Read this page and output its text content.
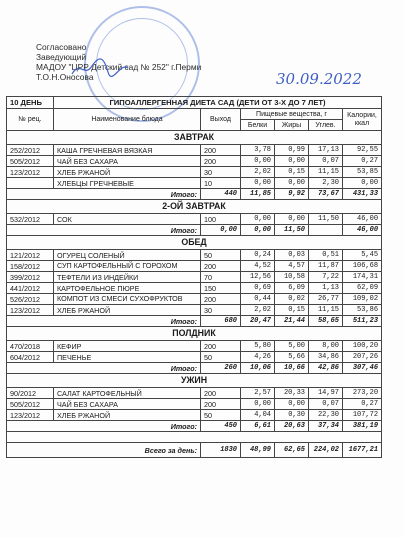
Согласовано
Заведующий
МАДОУ "ЦРР Детский сад № 252" г.Перми
Т.О.Н.Оносова	30.09.2022
10 ДЕНЬ	ГИПОАЛЛЕРГЕННАЯ ДИЕТА САД (ДЕТИ ОТ 3-Х ДО 7 ЛЕТ)					
№ рец.	Наименование блюда	Выход	Пищевые вещества, г			Калории, ккал
			Белки	Жиры	Углев.	
ЗАВТРАК						
252/2012	КАША ГРЕЧНЕВАЯ ВЯЗКАЯ	200	3,78	0,99	17,13	92,55
505/2012	ЧАЙ БЕЗ САХАРА	200	0,00	0,00	0,07	0,27
123/2012	ХЛЕБ РЖАНОЙ	30	2,02	0,15	11,15	53,85
	ХЛЕБЦЫ ГРЕЧНЕВЫЕ	10	0,00	0,00	2,30	0,00
Итого:		440	11,85	9,92	73,67	431,33
2-ОЙ ЗАВТРАК						
532/2012	СОК	100	0,00	0,00	11,50	46,00
Итого:		0,00	0,00	11,50		46,00
ОБЕД						
121/2012	ОГУРЕЦ СОЛЕНЫЙ	50	0,24	0,03	0,51	5,45
158/2012	СУП КАРТОФЕЛЬНЫЙ С ГОРОХОМ	200	4,52	4,57	11,87	106,68
399/2012	ТЕФТЕЛИ ИЗ ИНДЕЙКИ	70	12,56	10,58	7,22	174,31
441/2012	КАРТОФЕЛЬНОЕ ПЮРЕ	150	0,69	6,09	1,13	62,09
526/2012	КОМПОТ ИЗ СМЕСИ СУХОФРУКТОВ	200	0,44	0,02	26,77	109,02
123/2012	ХЛЕБ РЖАНОЙ	30	2,02	0,15	11,15	53,86
Итого:		680	20,47	21,44	58,65	511,23
ПОЛДНИК						
470/2018	КЕФИР	200	5,80	5,00	8,00	100,20
604/2012	ПЕЧЕНЬЕ	50	4,26	5,66	34,86	207,26
Итого:		260	10,06	10,66	42,86	307,46
УЖИН						
90/2012	САЛАТ КАРТОФЕЛЬНЫЙ	200	2,57	20,33	14,97	273,20
505/2012	ЧАЙ БЕЗ САХАРА	200	0,00	0,00	0,07	0,27
123/2012	ХЛЕБ РЖАНОЙ	50	4,04	0,30	22,30	107,72
Итого:		450	6,61	20,63	37,34	381,19

Всего за день:		1830	48,99	62,65	224,02	1677,21
